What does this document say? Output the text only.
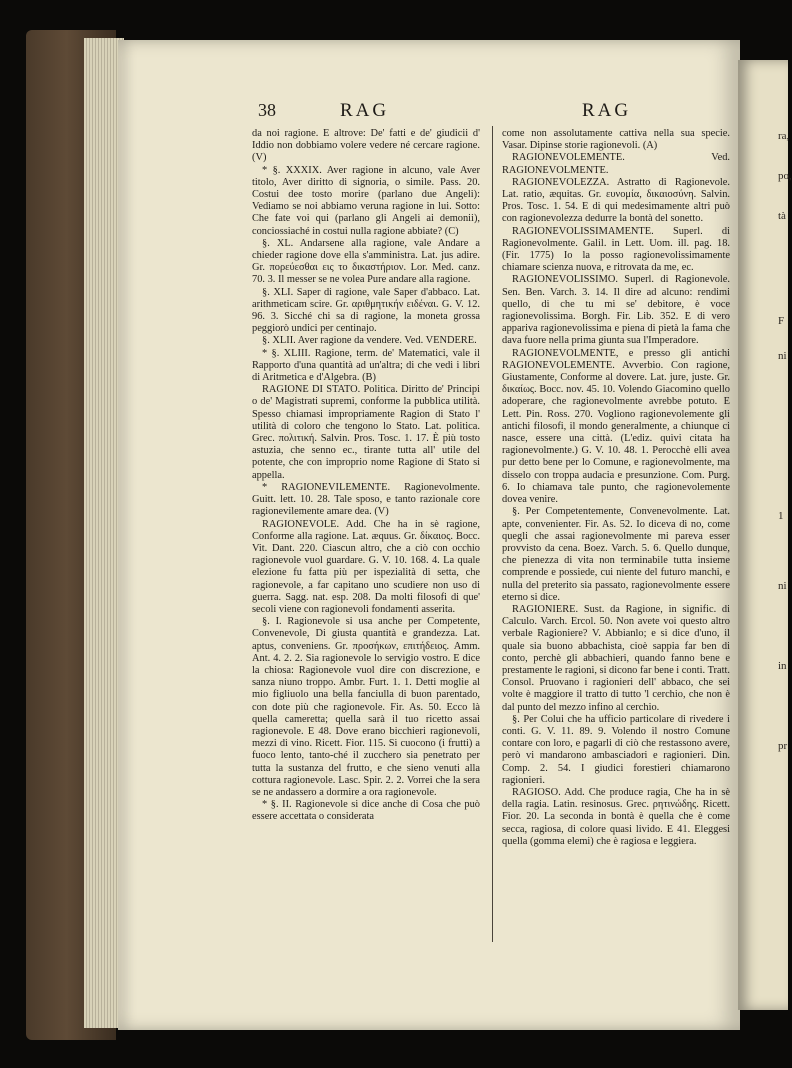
ra,
po,
tà
F
ni
1
ni
in
pr
38	RAG	RAG

da noi ragione. E altrove: De' fatti e de' giudicii d' Iddio non dobbiamo volere vedere né cercare ragione. (V)

* §. XXXIX. Aver ragione in alcuno, vale Aver titolo, Aver diritto di signoria, o simile. Pass. 20. Costui dee tosto morire (parlano due Angeli): Vediamo se noi abbiamo veruna ragione in lui. Sotto: Che fate voi qui (parlano gli Angeli ai demonii), conciossiaché in costui nulla ragione abbiate? (C)

§. XL. Andarsene alla ragione, vale Andare a chieder ragione dove ella s'amministra. Lat. jus adire. Gr. πορεύεσθαι εις το δικαστήριον. Lor. Med. canz. 70. 3. Il messer se ne volea Pure andare alla ragione.

§. XLI. Saper di ragione, vale Saper d'abbaco. Lat. arithmeticam scire. Gr. αριθμητικήν ειδέναι. G. V. 12. 96. 3. Sicché chi sa di ragione, la moneta grossa peggiorò undici per centinajo.

§. XLII. Aver ragione da vendere. Ved. VENDERE.

* §. XLIII. Ragione, term. de' Matematici, vale il Rapporto d'una quantità ad un'altra; di che vedi i libri di Aritmetica e d'Algebra. (B)

RAGIONE DI STATO. Politica. Diritto de' Principi o de' Magistrati supremi, conforme la pubblica utilità. Spesso chiamasi impropriamente Ragion di Stato l' utilità di coloro che tengono lo Stato. Lat. politica. Grec. πολιτική. Salvin. Pros. Tosc. 1. 17. È più tosto astuzia, che senno ec., tirante tutta all' utile del potente, che con improprio nome Ragione di Stato si appella.

* RAGIONEVILEMENTE. Ragionevolmente. Guitt. lett. 10. 28. Tale sposo, e tanto razionale core ragionevilemente amare dea. (V)

RAGIONEVOLE. Add. Che ha in sè ragione, Conforme alla ragione. Lat. æquus. Gr. δίκαιος. Bocc. Vit. Dant. 220. Ciascun altro, che a ciò con occhio ragionevole vuol guardare. G. V. 10. 168. 4. La quale elezione fu fatta più per ispezialità di setta, che ragionevole, a far capitano uno scudiere non uso di guerra. Sagg. nat. esp. 208. Da molti filosofi di que' secoli viene con ragionevoli fondamenti asserita.

§. I. Ragionevole si usa anche per Competente, Convenevole, Di giusta quantità e grandezza. Lat. aptus, conveniens. Gr. προσήκων, επιτήδειος. Amm. Ant. 4. 2. 2. Sia ragionevole lo servigio vostro. E dice la chiosa: Ragionevole vuol dire con discrezione, e sanza niuno troppo. Ambr. Furt. 1. 1. Detti moglie al mio figliuolo una bella fanciulla di buon parentado, con dote più che ragionevole. Fir. As. 50. Ecco là quella cameretta; quella sarà il tuo ricetto assai ragionevole. E 48. Dove erano bicchieri ragionevoli, mezzi di vino. Ricett. Fior. 115. Si cuocono (i frutti) a fuoco lento, tanto-ché il zucchero sia penetrato per tutta la sustanza del frutto, e che sieno venuti alla cottura ragionevole. Lasc. Spir. 2. 2. Vorrei che la sera se ne andassero a dormire a ora ragionevole.

* §. II. Ragionevole si dice anche di Cosa che può essere accettata o considerata

come non assolutamente cattiva nella sua specie. Vasar. Dipinse storie ragionevoli. (A)

RAGIONEVOLEMENTE. Ved. RAGIONEVOLMENTE.

RAGIONEVOLEZZA. Astratto di Ragionevole. Lat. ratio, æquitas. Gr. ευνομία, δικαιοσύνη. Salvin. Pros. Tosc. 1. 54. E di qui medesimamente altri può con ragionevolezza dedurre la bontà del sonetto.

RAGIONEVOLISSIMAMENTE. Superl. di Ragionevolmente. Galil. in Lett. Uom. ill. pag. 18. (Fir. 1775) Io la posso ragionevolissimamente chiamare scienza nuova, e ritrovata da me, ec.

RAGIONEVOLISSIMO. Superl. di Ragionevole. Sen. Ben. Varch. 3. 14. Il dire ad alcuno: rendimi quello, di che tu mi se' debitore, è voce ragionevolissima. Borgh. Fir. Lib. 352. E di vero appariva ragionevolissima e piena di pietà la fama che dava fuore nella prima giunta sua l'Imperadore.

RAGIONEVOLMENTE, e presso gli antichi RAGIONEVOLEMENTE. Avverbio. Con ragione, Giustamente, Conforme al dovere. Lat. jure, juste. Gr. δικαίως. Bocc. nov. 45. 10. Volendo Giacomino quello adoperare, che ragionevolmente avrebbe potuto. E Lett. Pin. Ross. 270. Vogliono ragionevolemente gli antichi filosofi, il mondo generalmente, a chiunque ci nasce, essere una città. (L'ediz. quivi citata ha ragionevolmente.) G. V. 10. 48. 1. Perocchè elli avea pur detto bene per lo Comune, e ragionevolmente, ma disselo con troppa audacia e presunzione. Com. Purg. 6. Io chiamava tale punto, che ragionevolemente dovea venire.

§. Per Competentemente, Convenevolmente. Lat. apte, convenienter. Fir. As. 52. Io diceva di no, come quegli che assai ragionevolmente mi pareva esser provvisto da cena. Boez. Varch. 5. 6. Quello dunque, che pienezza di vita non terminabile tutta insieme comprende e possiede, cui niente del futuro manchi, e nulla del preterito sia passato, ragionevolmente essere eterno si dice.

RAGIONIERE. Sust. da Ragione, in signific. di Calculo. Varch. Ercol. 50. Non avete voi questo altro verbale Ragioniere? V. Abbianlo; e si dice d'uno, il quale sia buono abbachista, cioè sappia far ben di conto, perchè gli abbachieri, quando fanno bene e prestamente le ragioni, si dicono far bene i conti. Tratt. Consol. Pruovano i ragionieri dell' abbaco, che sei volte è maggiore il tratto di tutto 'l cerchio, che non è dal punto del mezzo infino al cerchio.

§. Per Colui che ha ufficio particolare di rivedere i conti. G. V. 11. 89. 9. Volendo il nostro Comune contare con loro, e pagarli di ciò che restassono avere, però vi mandarono ambasciadori e ragionieri. Din. Comp. 2. 54. I giudici forestieri chiamarono ragionieri.

RAGIOSO. Add. Che produce ragia, Che ha in sè della ragia. Latin. resinosus. Grec. ρητινώδης. Ricett. Fior. 20. La seconda in bontà è quella che è come secca, ragiosa, di colore quasi livido. E 41. Eleggesi quella (gomma elemi) che è ragiosa e leggiera.
